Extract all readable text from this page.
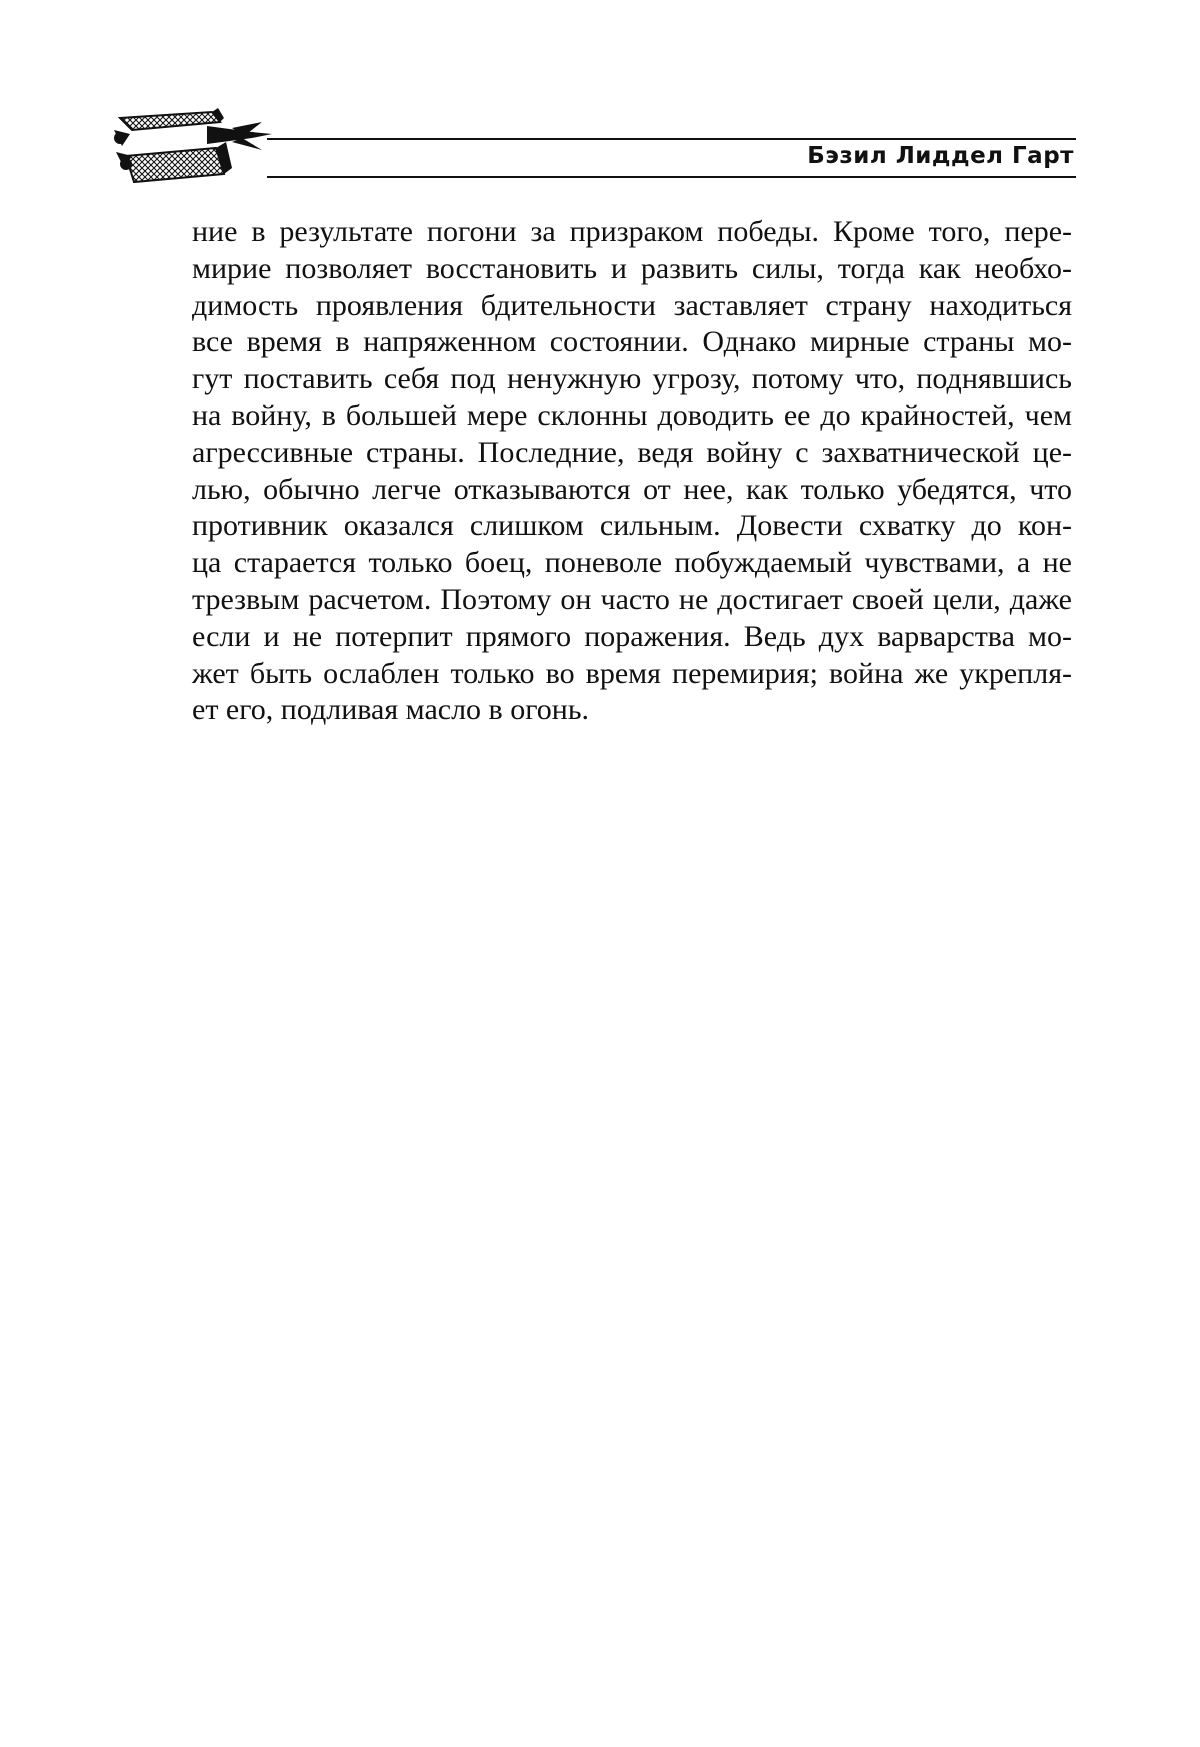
Бэзил Лиддел Гарт
ние в результате погони за призраком победы. Кроме того, пере-
мирие позволяет восстановить и развить силы, тогда как необхо-
димость проявления бдительности заставляет страну находиться
все время в напряженном состоянии. Однако мирные страны мо-
гут поставить себя под ненужную угрозу, потому что, поднявшись
на войну, в большей мере склонны доводить ее до крайностей, чем
агрессивные страны. Последние, ведя войну с захватнической це-
лью, обычно легче отказываются от нее, как только убедятся, что
противник оказался слишком сильным. Довести схватку до кон-
ца старается только боец, поневоле побуждаемый чувствами, а не
трезвым расчетом. Поэтому он часто не достигает своей цели, даже
если и не потерпит прямого поражения. Ведь дух варварства мо-
жет быть ослаблен только во время перемирия; война же укрепля-
ет его, подливая масло в огонь.
